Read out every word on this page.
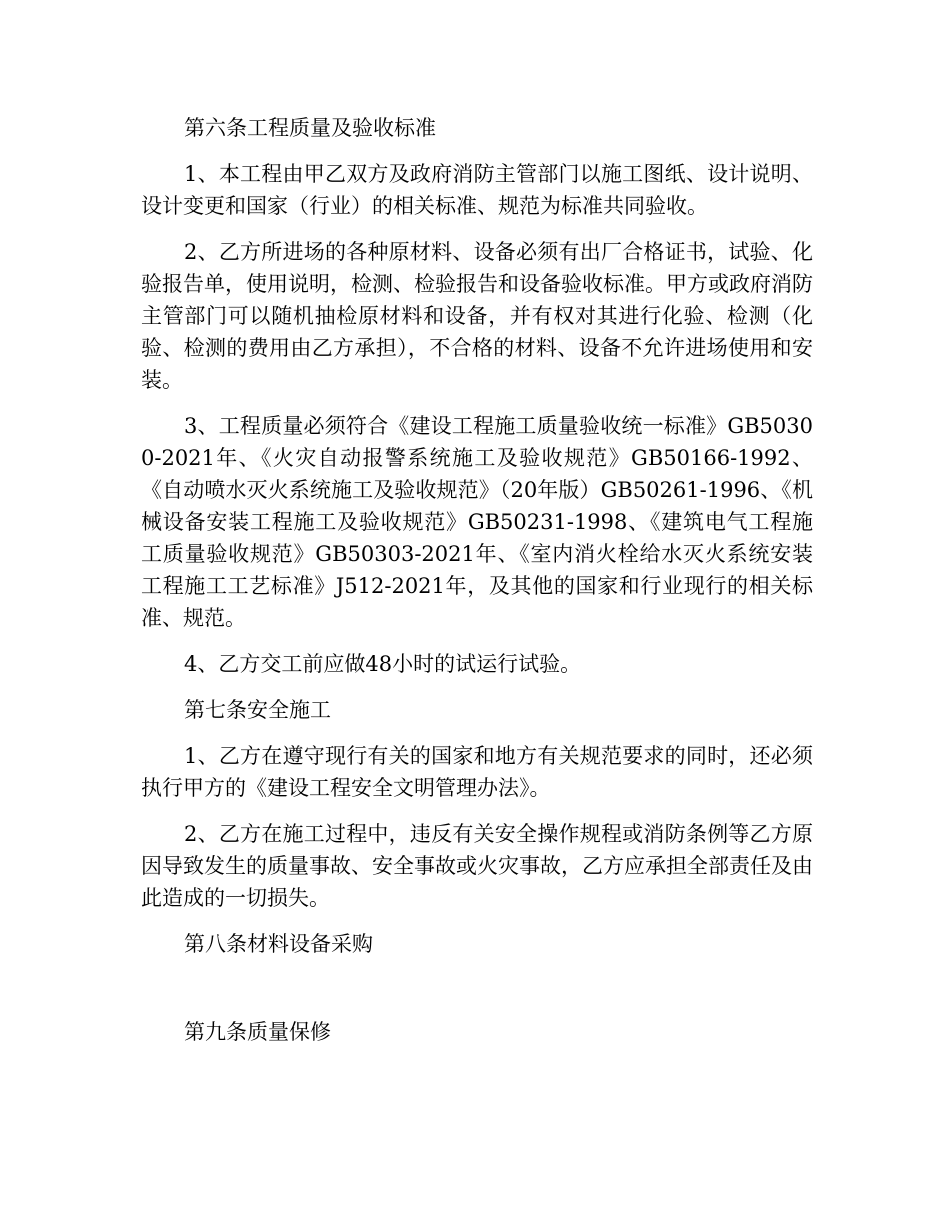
第六条工程质量及验收标准

1、本工程由甲乙双方及政府消防主管部门以施工图纸、设计说明、设计变更和国家（行业）的相关标准、规范为标准共同验收。

2、乙方所进场的各种原材料、设备必须有出厂合格证书，试验、化验报告单，使用说明，检测、检验报告和设备验收标准。甲方或政府消防主管部门可以随机抽检原材料和设备，并有权对其进行化验、检测（化验、检测的费用由乙方承担），不合格的材料、设备不允许进场使用和安装。

3、工程质量必须符合《建设工程施工质量验收统一标准》GB50300-2021年、《火灾自动报警系统施工及验收规范》GB50166-1992、《自动喷水灭火系统施工及验收规范》（20年版）GB50261-1996、《机械设备安装工程施工及验收规范》GB50231-1998、《建筑电气工程施工质量验收规范》GB50303-2021年、《室内消火栓给水灭火系统安装工程施工工艺标准》J512-2021年，及其他的国家和行业现行的相关标准、规范。

4、乙方交工前应做48小时的试运行试验。

第七条安全施工

1、乙方在遵守现行有关的国家和地方有关规范要求的同时，还必须执行甲方的《建设工程安全文明管理办法》。

2、乙方在施工过程中，违反有关安全操作规程或消防条例等乙方原因导致发生的质量事故、安全事故或火灾事故，乙方应承担全部责任及由此造成的一切损失。

第八条材料设备采购

第九条质量保修
